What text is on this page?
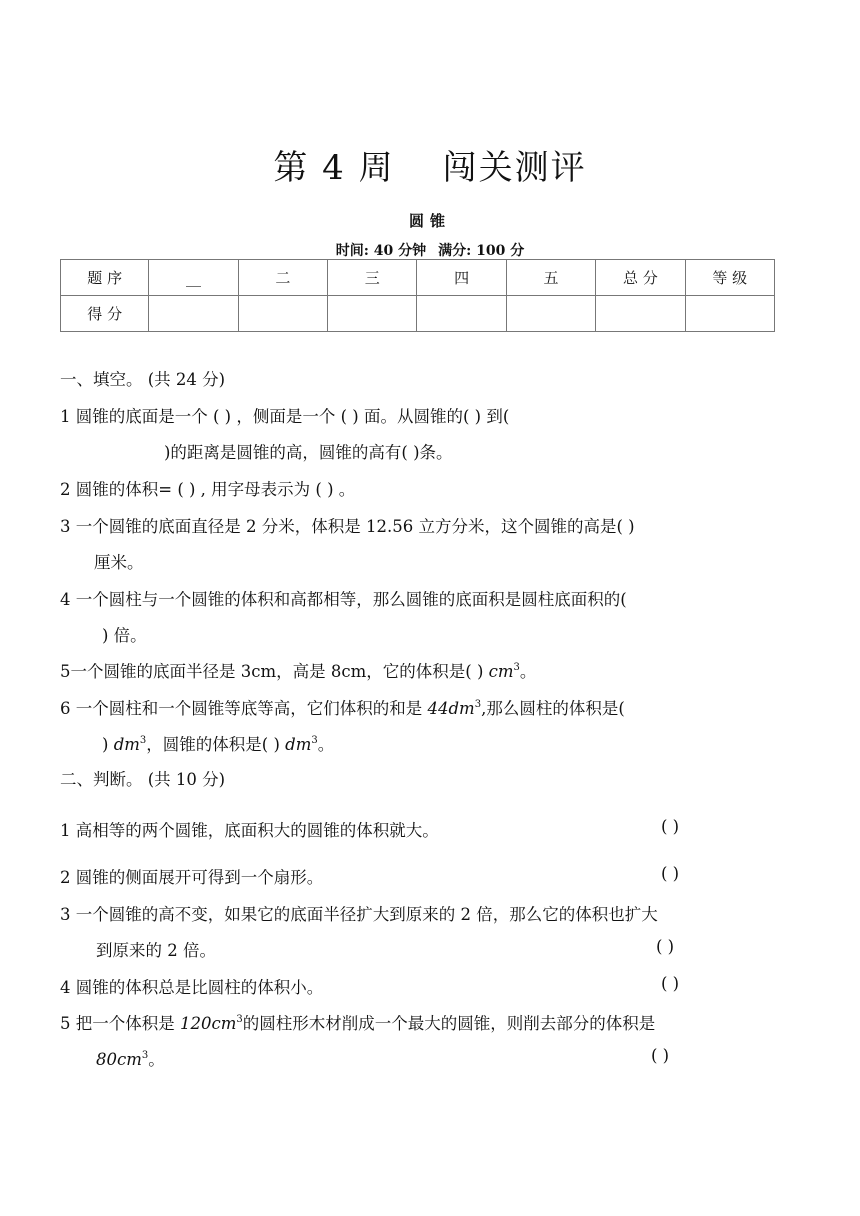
第 4 周 闯关测评
圆锥
时间: 40 分钟 满分: 100 分
题 序	__	二	三	四	五	总 分	等 级
得 分							
一、填空。 (共 24 分)
1 圆锥的底面是一个 ( ) ，侧面是一个 ( ) 面。从圆锥的( ) 到(
)的距离是圆锥的高，圆锥的高有( )条。
2 圆锥的体积= ( ) , 用字母表示为 ( ) 。
3 一个圆锥的底面直径是 2 分米，体积是 12.56 立方分米，这个圆锥的高是( )
厘米。
4 一个圆柱与一个圆锥的体积和高都相等，那么圆锥的底面积是圆柱底面积的(
) 倍。
5一个圆锥的底面半径是 3cm，高是 8cm，它的体积是( ) $cm^3$。
6 一个圆柱和一个圆锥等底等高，它们体积的和是 $44dm^3$,那么圆柱的体积是(
) $dm^3$，圆锥的体积是( ) $dm^3$。
二、判断。 (共 10 分)
1 高相等的两个圆锥，底面积大的圆锥的体积就大。	( )
2 圆锥的侧面展开可得到一个扇形。	( )
3 一个圆锥的高不变，如果它的底面半径扩大到原来的 2 倍，那么它的体积也扩大
到原来的 2 倍。	( )
4 圆锥的体积总是比圆柱的体积小。	( )
5 把一个体积是 $120cm^3$的圆柱形木材削成一个最大的圆锥，则削去部分的体积是
$80cm^3$。	( )
